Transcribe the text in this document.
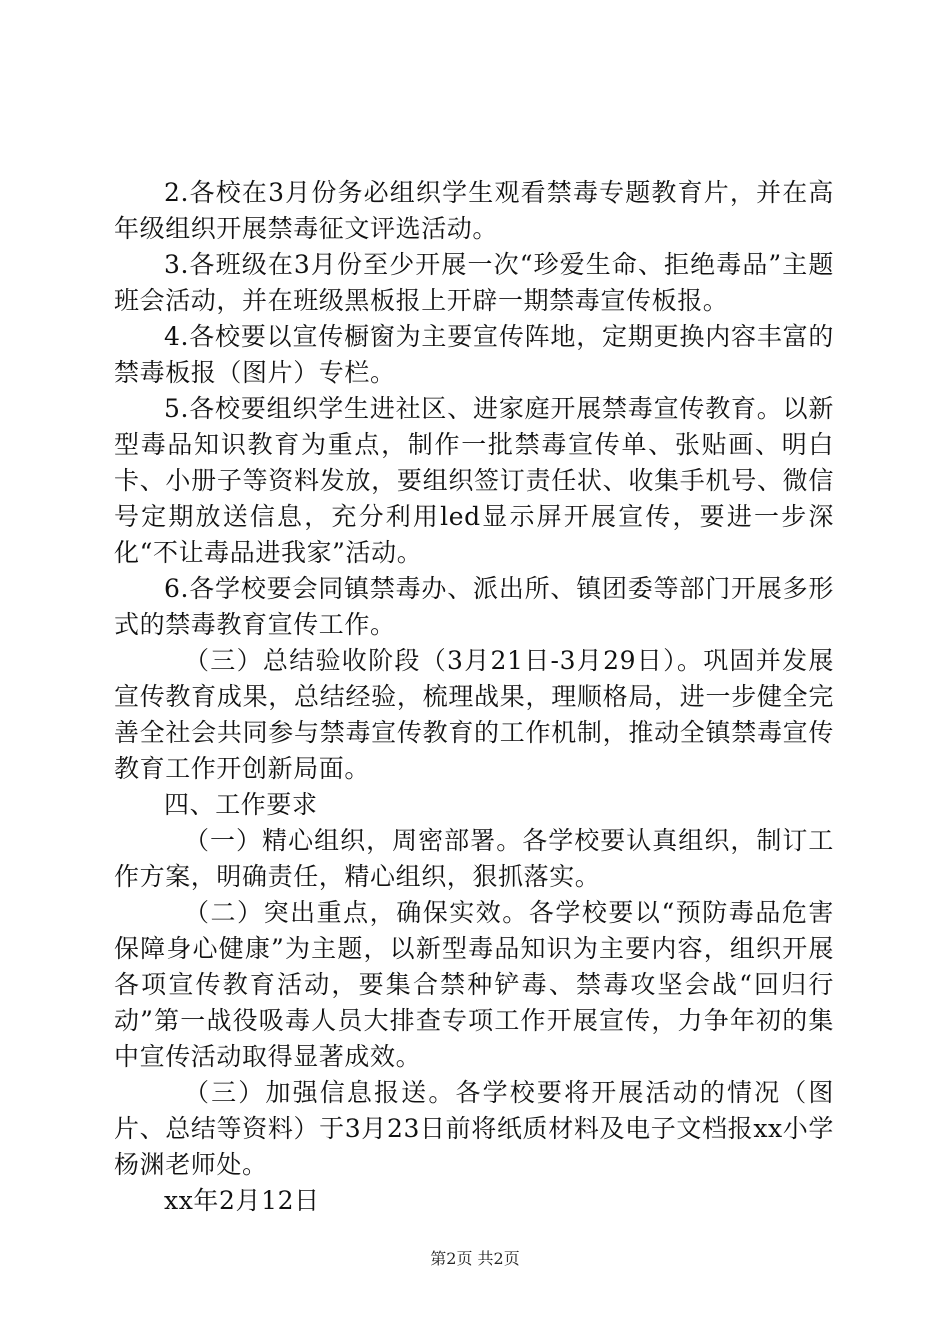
2.各校在3月份务必组织学生观看禁毒专题教育片，并在高年级组织开展禁毒征文评选活动。

3.各班级在3月份至少开展一次“珍爱生命、拒绝毒品”主题班会活动，并在班级黑板报上开辟一期禁毒宣传板报。

4.各校要以宣传橱窗为主要宣传阵地，定期更换内容丰富的禁毒板报（图片）专栏。

5.各校要组织学生进社区、进家庭开展禁毒宣传教育。以新型毒品知识教育为重点，制作一批禁毒宣传单、张贴画、明白卡、小册子等资料发放，要组织签订责任状、收集手机号、微信号定期放送信息，充分利用led显示屏开展宣传，要进一步深化“不让毒品进我家”活动。

6.各学校要会同镇禁毒办、派出所、镇团委等部门开展多形式的禁毒教育宣传工作。

（三）总结验收阶段（3月21日-3月29日）。巩固并发展宣传教育成果，总结经验，梳理战果，理顺格局，进一步健全完善全社会共同参与禁毒宣传教育的工作机制，推动全镇禁毒宣传教育工作开创新局面。

四、工作要求

（一）精心组织，周密部署。各学校要认真组织，制订工作方案，明确责任，精心组织，狠抓落实。

（二）突出重点，确保实效。各学校要以“预防毒品危害保障身心健康”为主题，以新型毒品知识为主要内容，组织开展各项宣传教育活动，要集合禁种铲毒、禁毒攻坚会战“回归行动”第一战役吸毒人员大排查专项工作开展宣传，力争年初的集中宣传活动取得显著成效。

（三）加强信息报送。各学校要将开展活动的情况（图片、总结等资料）于3月23日前将纸质材料及电子文档报xx小学杨渊老师处。

xx年2月12日

第2页 共2页
